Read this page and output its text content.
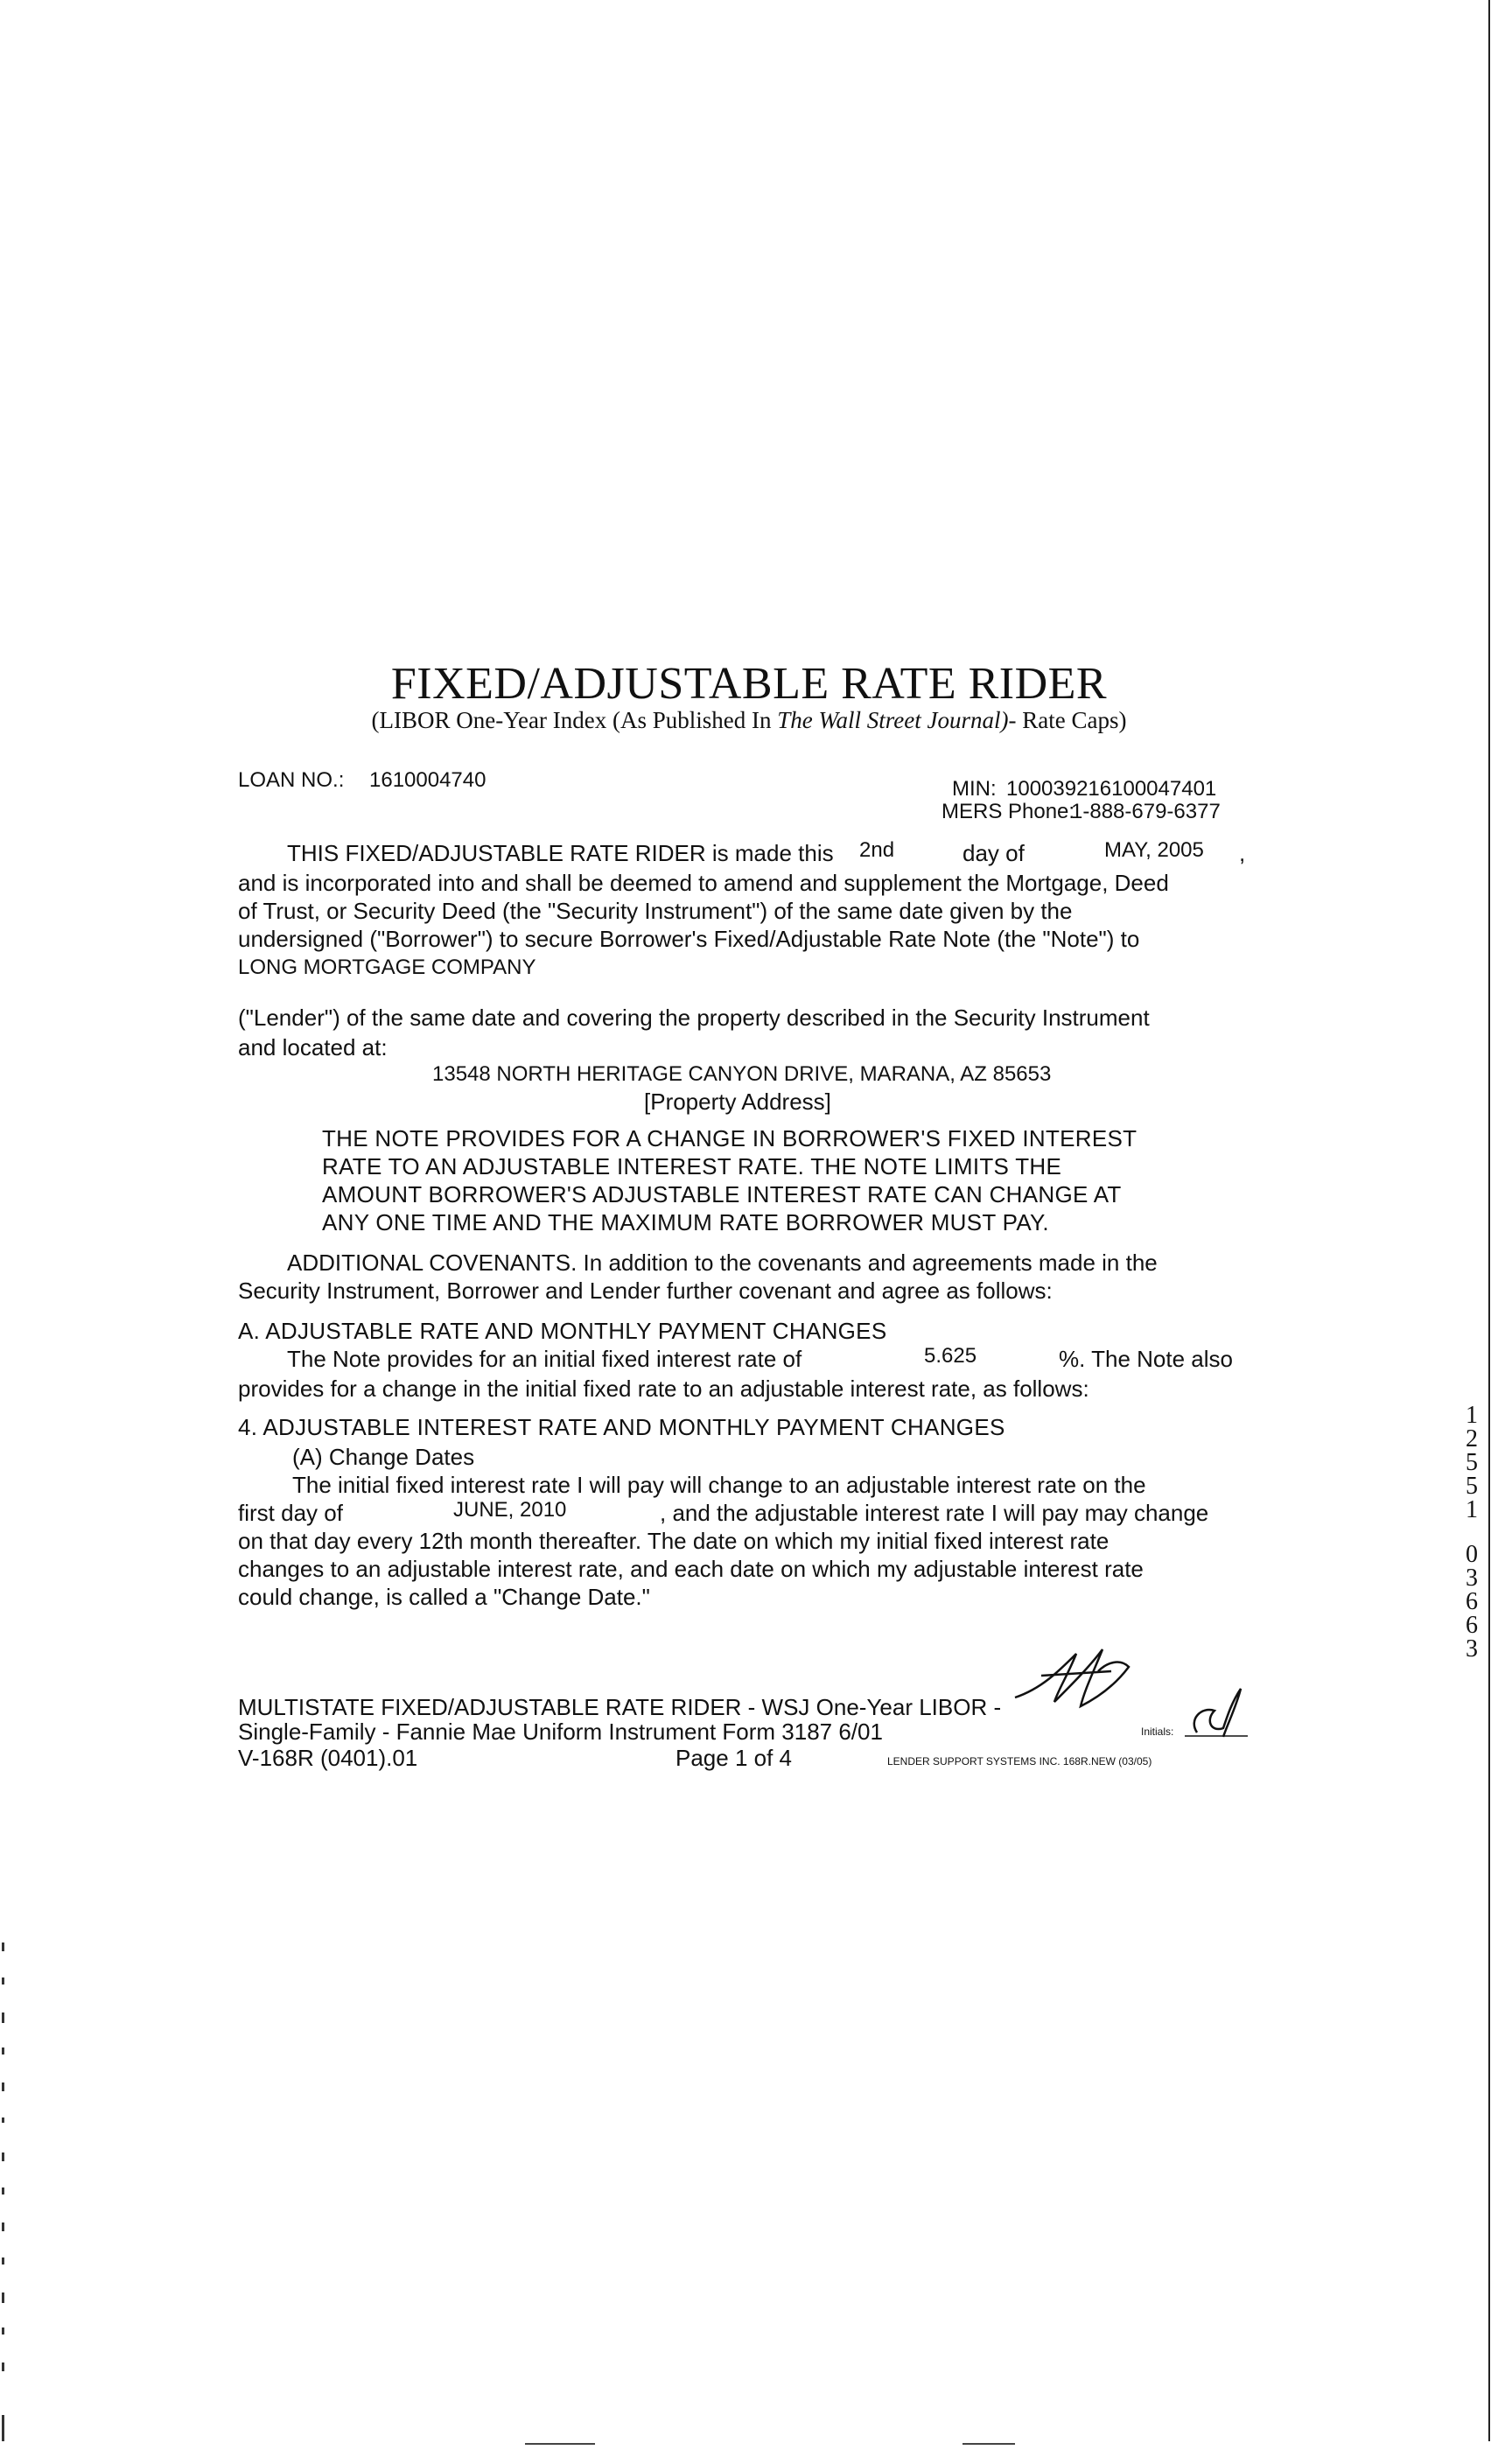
FIXED/ADJUSTABLE RATE RIDER
(LIBOR One-Year Index (As Published In The Wall Street Journal)- Rate Caps)
LOAN NO.: 1610004740	MIN: 100039216100047401
MERS Phone:
1-888-679-6377
THIS FIXED/ADJUSTABLE RATE RIDER is made this 2nd	day of	MAY, 2005 ,
and is incorporated into and shall be deemed to amend and supplement the Mortgage, Deed
of Trust, or Security Deed (the "Security Instrument") of the same date given by the
undersigned ("Borrower") to secure Borrower's Fixed/Adjustable Rate Note (the "Note") to
LONG MORTGAGE COMPANY
("Lender") of the same date and covering the property described in the Security Instrument
and located at:
13548 NORTH HERITAGE CANYON DRIVE, MARANA, AZ 85653
[Property Address]
THE NOTE PROVIDES FOR A CHANGE IN BORROWER'S FIXED INTEREST
RATE TO AN ADJUSTABLE INTEREST RATE. THE NOTE LIMITS THE
AMOUNT BORROWER'S ADJUSTABLE INTEREST RATE CAN CHANGE AT
ANY ONE TIME AND THE MAXIMUM RATE BORROWER MUST PAY.
ADDITIONAL COVENANTS. In addition to the covenants and agreements made in the
Security Instrument, Borrower and Lender further covenant and agree as follows:
A. ADJUSTABLE RATE AND MONTHLY PAYMENT CHANGES
The Note provides for an initial fixed interest rate of	5.625	%. The Note also
provides for a change in the initial fixed rate to an adjustable interest rate, as follows:
4. ADJUSTABLE INTEREST RATE AND MONTHLY PAYMENT CHANGES
(A) Change Dates
The initial fixed interest rate I will pay will change to an adjustable interest rate on the
first day of	JUNE, 2010	, and the adjustable interest rate I will pay may change
on that day every 12th month thereafter. The date on which my initial fixed interest rate
changes to an adjustable interest rate, and each date on which my adjustable interest rate
could change, is called a "Change Date."
1
2
5
5
1
0
3
6
6
3
MULTISTATE FIXED/ADJUSTABLE RATE RIDER - WSJ One-Year LIBOR -
Single-Family - Fannie Mae Uniform Instrument Form 3187 6/01
V-168R (0401).01	Page 1 of 4	LENDER SUPPORT SYSTEMS INC. 168R.NEW (03/05)
Initials:
